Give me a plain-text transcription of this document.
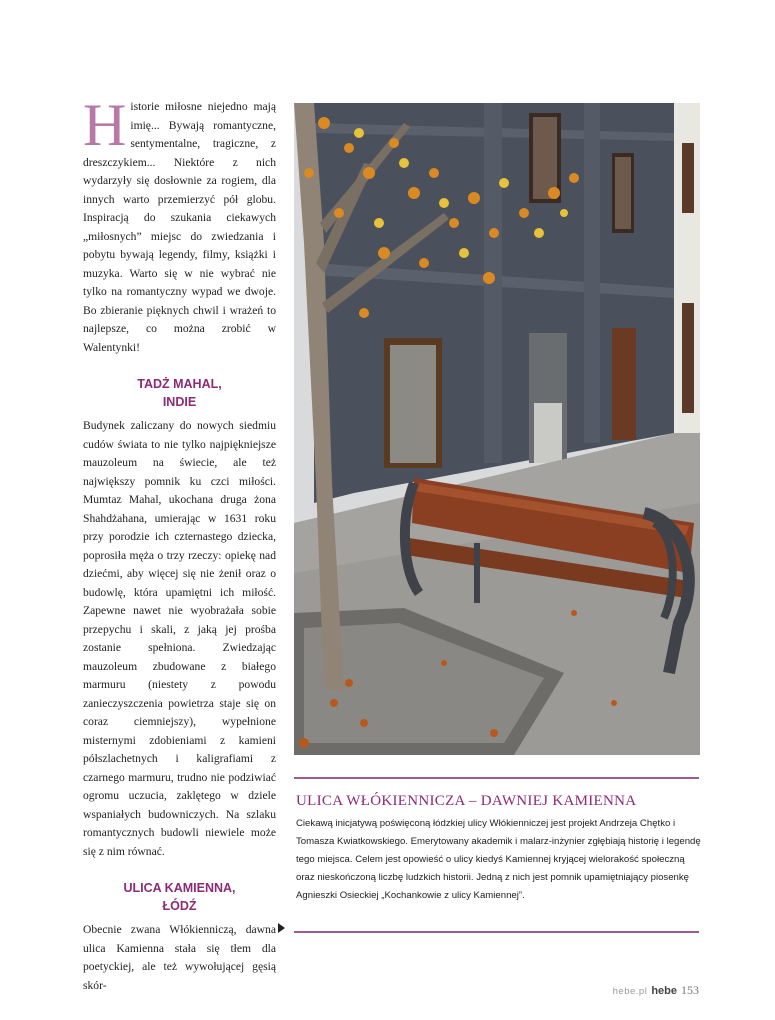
Historie miłosne niejedno mają imię... Bywają romantyczne, sentymentalne, tragiczne, z dreszczykiem... Niektóre z nich wydarzyły się dosłownie za rogiem, dla innych warto przemierzyć pół globu. Inspiracją do szukania ciekawych „miłosnych” miejsc do zwiedzania i pobytu bywają legendy, filmy, książki i muzyka. Warto się w nie wybrać nie tylko na romantyczny wypad we dwoje. Bo zbieranie pięknych chwil i wrażeń to najlepsze, co można zrobić w Walentynki!

TADŻ MAHAL,
INDIE

Budynek zaliczany do nowych siedmiu cudów świata to nie tylko najpiękniejsze mauzoleum na świecie, ale też największy pomnik ku czci miłości. Mumtaz Mahal, ukochana druga żona Shahdżahana, umierając w 1631 roku przy porodzie ich czternastego dziecka, poprosiła męża o trzy rzeczy: opiekę nad dziećmi, aby więcej się nie żenił oraz o budowlę, która upamiętni ich miłość. Zapewne nawet nie wyobrażała sobie przepychu i skali, z jaką jej prośba zostanie spełniona. Zwiedzając mauzoleum zbudowane z białego marmuru (niestety z powodu zanieczyszczenia powietrza staje się on coraz ciemniejszy), wypełnione misternymi zdobieniami z kamieni półszlachetnych i kaligrafiami z czarnego marmuru, trudno nie podziwiać ogromu uczucia, zaklętego w dziele wspaniałych budowniczych. Na szlaku romantycznych budowli niewiele może się z nim równać.

ULICA KAMIENNA,
ŁÓDŹ

Obecnie zwana Włókienniczą, dawna ulica Kamienna stała się tłem dla poetyckiej, ale też wywołującej gęsią skór-

ULICA WŁÓKIENNICZA – DAWNIEJ KAMIENNA
Ciekawą inicjatywą poświęconą łódzkiej ulicy Włókienniczej jest projekt Andrzeja Chętko i Tomasza Kwiatkowskiego. Emerytowany akademik i malarz-inżynier zgłębiają historię i legendę tego miejsca. Celem jest opowieść o ulicy kiedyś Kamiennej kryjącej wielorakość społeczną oraz nieskończoną liczbę ludzkich historii. Jedną z nich jest pomnik upamiętniający piosenkę Agnieszki Osieckiej „Kochankowie z ulicy Kamiennej”.
hebe.pl hebe 153
